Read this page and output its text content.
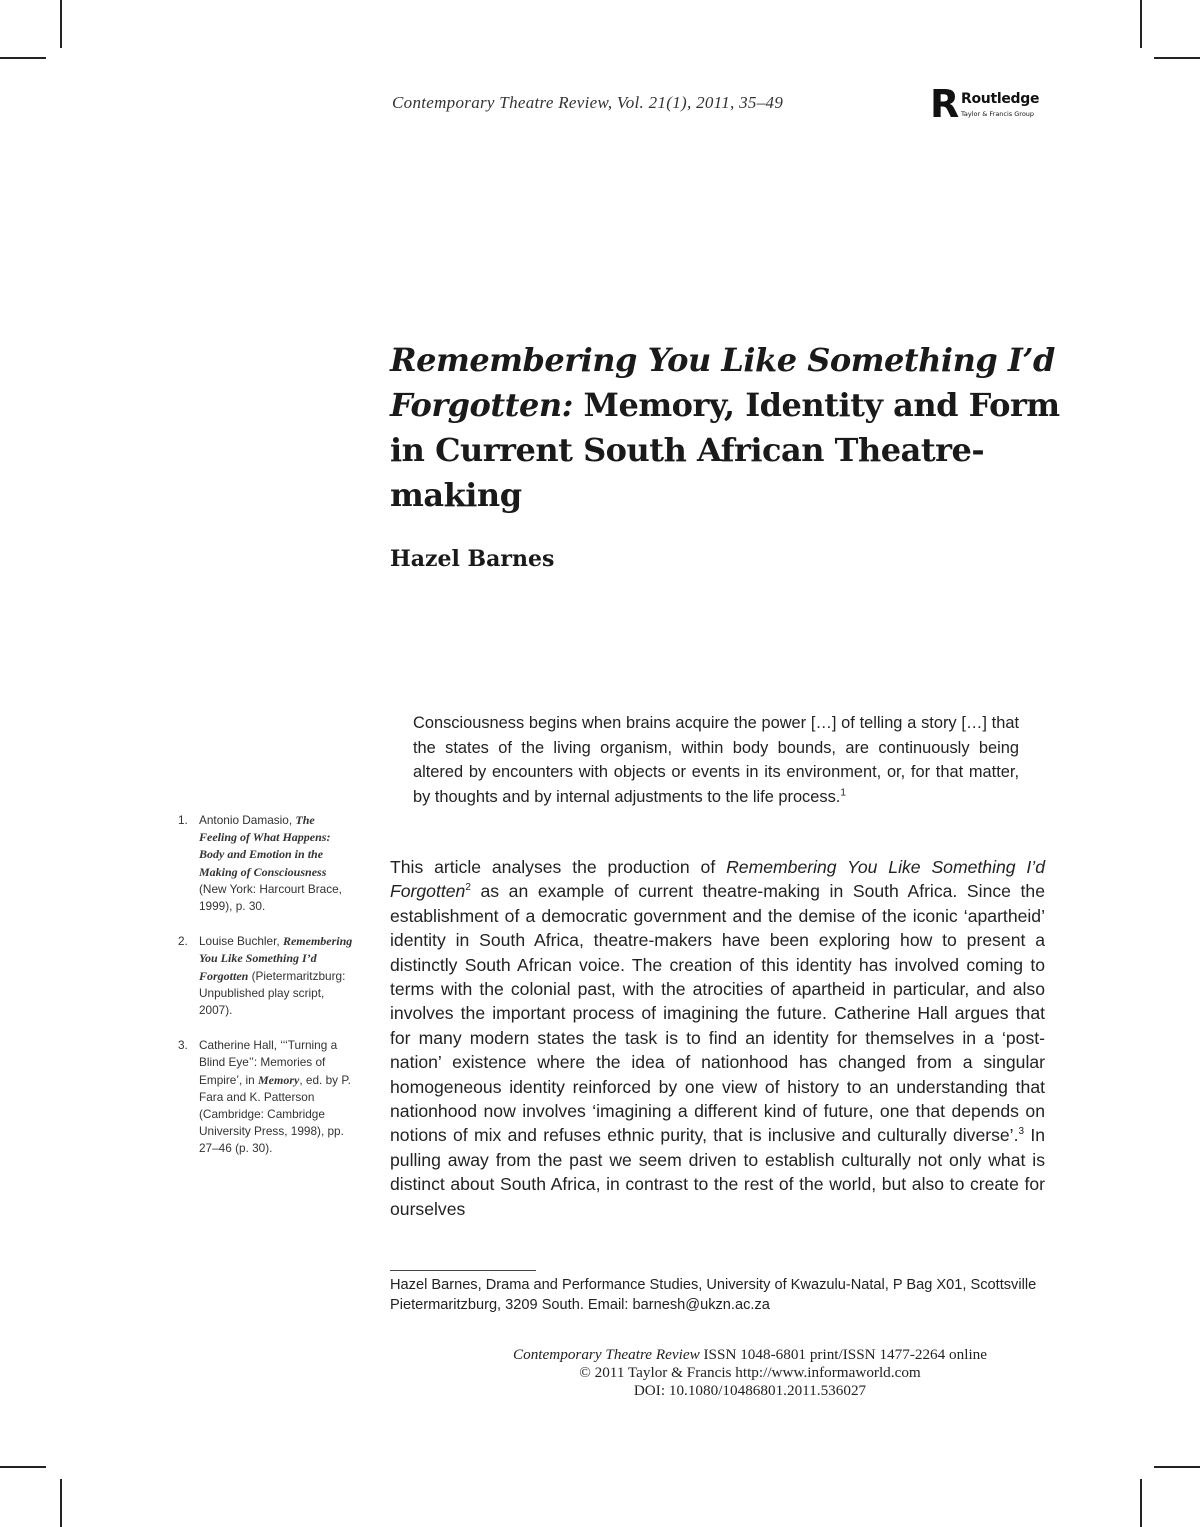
Contemporary Theatre Review, Vol. 21(1), 2011, 35–49	R Routledge
Taylor & Francis Group
Remembering You Like Something I’d Forgotten: Memory, Identity and Form in Current South African Theatre-making
Hazel Barnes

Consciousness begins when brains acquire the power […] of telling a story […] that the states of the living organism, within body bounds, are continuously being altered by encounters with objects or events in its environment, or, for that matter, by thoughts and by internal adjustments to the life process.$^1$

This article analyses the production of Remembering You Like Something I’d Forgotten$^2$ as an example of current theatre-making in South Africa. Since the establishment of a democratic government and the demise of the iconic ‘apartheid’ identity in South Africa, theatre-makers have been exploring how to present a distinctly South African voice. The creation of this identity has involved coming to terms with the colonial past, with the atrocities of apartheid in particular, and also involves the important process of imagining the future. Catherine Hall argues that for many modern states the task is to find an identity for themselves in a ‘post-nation’ existence where the idea of nationhood has changed from a singular homogeneous identity reinforced by one view of history to an understanding that nationhood now involves ‘imagining a different kind of future, one that depends on notions of mix and refuses ethnic purity, that is inclusive and culturally diverse’.$^3$ In pulling away from the past we seem driven to establish culturally not only what is distinct about South Africa, in contrast to the rest of the world, but also to create for ourselves

1. Antonio Damasio, The Feeling of What Happens: Body and Emotion in the Making of Consciousness (New York: Harcourt Brace, 1999), p. 30.
2. Louise Buchler, Remembering You Like Something I’d Forgotten (Pietermaritzburg: Unpublished play script, 2007).
3. Catherine Hall, ‘‘‘Turning a Blind Eye’’: Memories of Empire’, in Memory, ed. by P. Fara and K. Patterson (Cambridge: Cambridge University Press, 1998), pp. 27–46 (p. 30).

Hazel Barnes, Drama and Performance Studies, University of Kwazulu-Natal, P Bag X01, Scottsville Pietermaritzburg, 3209 South. Email: barnesh@ukzn.ac.za

Contemporary Theatre Review ISSN 1048-6801 print/ISSN 1477-2264 online
© 2011 Taylor & Francis http://www.informaworld.com
DOI: 10.1080/10486801.2011.536027
